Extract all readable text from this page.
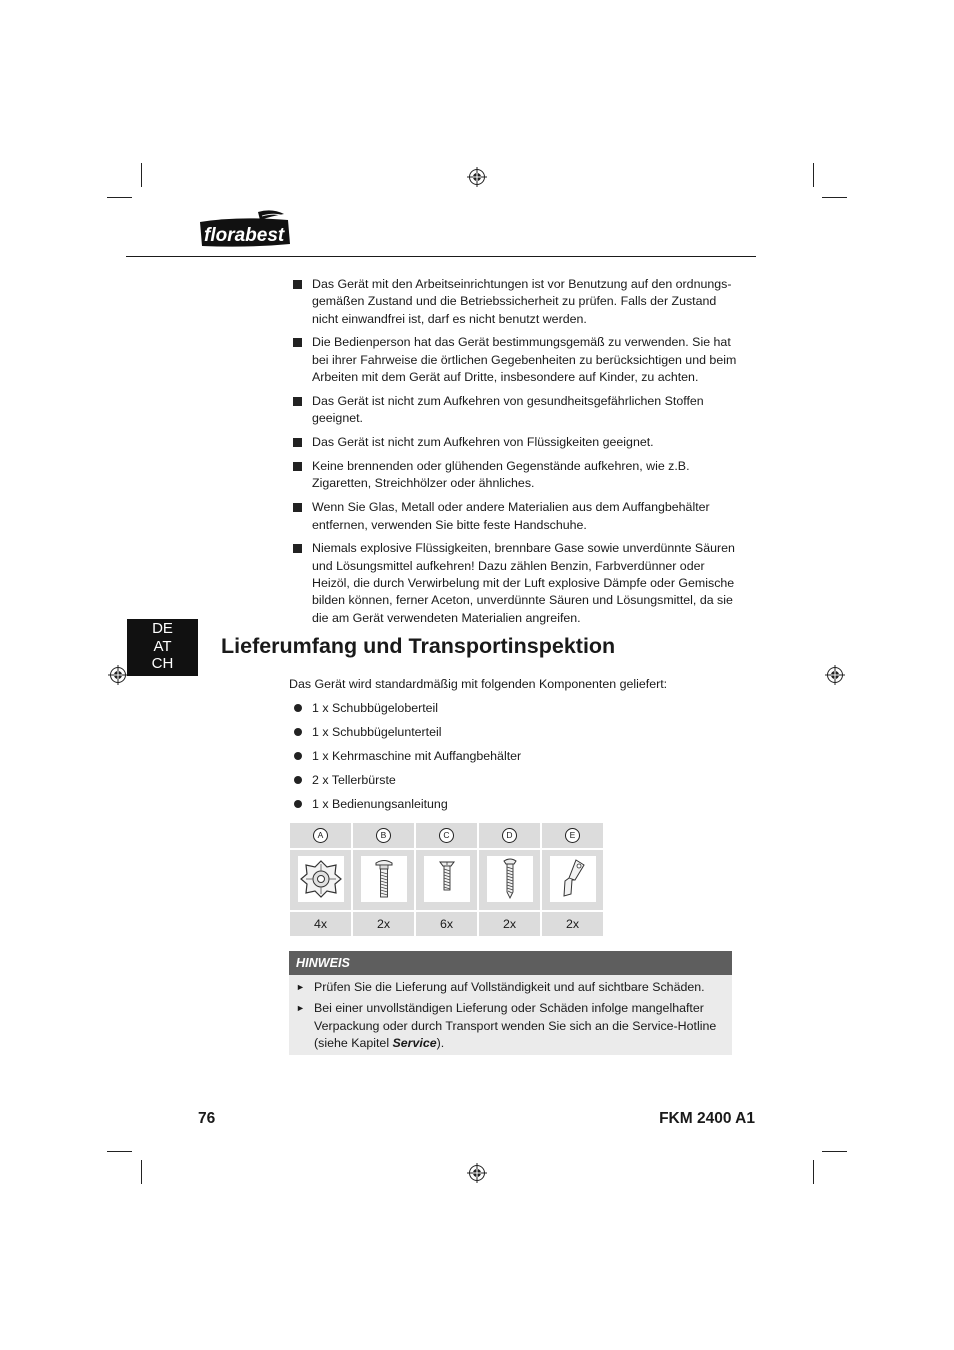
florabest
Das Gerät mit den Arbeitseinrichtungen ist vor Benutzung auf den ordnungsgemäßen Zustand und die Betriebssicherheit zu prüfen. Falls der Zustand nicht einwandfrei ist, darf es nicht benutzt werden.
Die Bedienperson hat das Gerät bestimmungsgemäß zu verwenden. Sie hat bei ihrer Fahrweise die örtlichen Gegebenheiten zu berücksichtigen und beim Arbeiten mit dem Gerät auf Dritte, insbesondere auf Kinder, zu achten.
Das Gerät ist nicht zum Aufkehren von gesundheitsgefährlichen Stoffen geeignet.
Das Gerät ist nicht zum Aufkehren von Flüssigkeiten geeignet.
Keine brennenden oder glühenden Gegenstände aufkehren, wie z.B. Zigaretten, Streichhölzer oder ähnliches.
Wenn Sie Glas, Metall oder andere Materialien aus dem Auffangbehälter entfernen, verwenden Sie bitte feste Handschuhe.
Niemals explosive Flüssigkeiten, brennbare Gase sowie unverdünnte Säuren und Lösungsmittel aufkehren! Dazu zählen Benzin, Farbverdünner oder Heizöl, die durch Verwirbelung mit der Luft explosive Dämpfe oder Gemische bilden können, ferner Aceton, unverdünnte Säuren und Lösungsmittel, da sie die am Gerät verwendeten Materialien angreifen.
DE
AT
CH
Lieferumfang und Transportinspektion
Das Gerät wird standardmäßig mit folgenden Komponenten geliefert:
1 x Schubbügeloberteil
1 x Schubbügelunterteil
1 x Kehrmaschine mit Auffangbehälter
2 x Tellerbürste
1 x Bedienungsanleitung
A
4x
B
2x
C
6x
D
2x
E
2x
HINWEIS
► Prüfen Sie die Lieferung auf Vollständigkeit und auf sichtbare Schäden.
► Bei einer unvollständigen Lieferung oder Schäden infolge mangelhafter Verpackung oder durch Transport wenden Sie sich an die Service-Hotline (siehe Kapitel Service).
76	FKM 2400 A1
